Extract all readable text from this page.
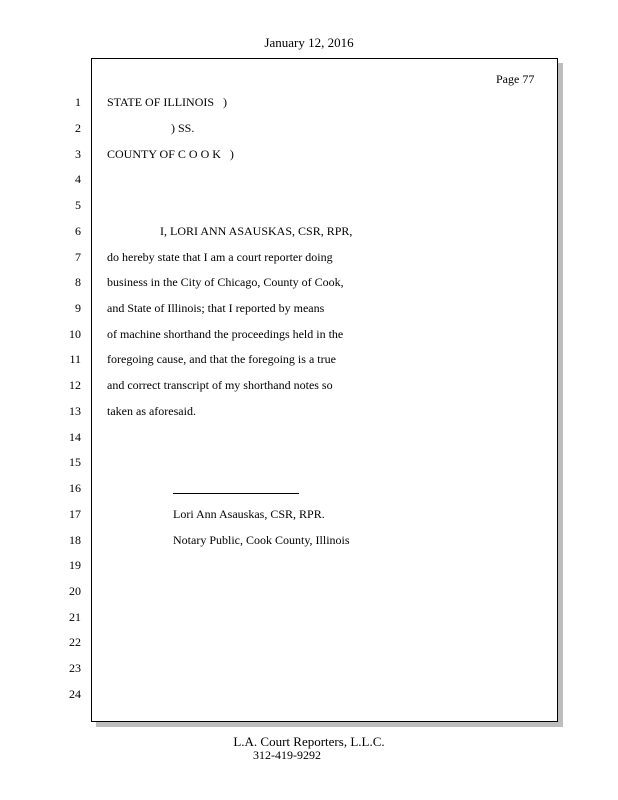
January 12, 2016
Page 77
1
2
3
4
5
6
7
8
9
10
11
12
13
14
15
16
17
18
19
20
21
22
23
24
STATE OF ILLINOIS   )
) SS.
COUNTY OF C O O K   )
I, LORI ANN ASAUSKAS, CSR, RPR,
do hereby state that I am a court reporter doing
business in the City of Chicago, County of Cook,
and State of Illinois; that I reported by means
of machine shorthand the proceedings held in the
foregoing cause, and that the foregoing is a true
and correct transcript of my shorthand notes so
taken as aforesaid.
Lori Ann Asauskas, CSR, RPR.
Notary Public, Cook County, Illinois
L.A. Court Reporters, L.L.C.
312-419-9292
